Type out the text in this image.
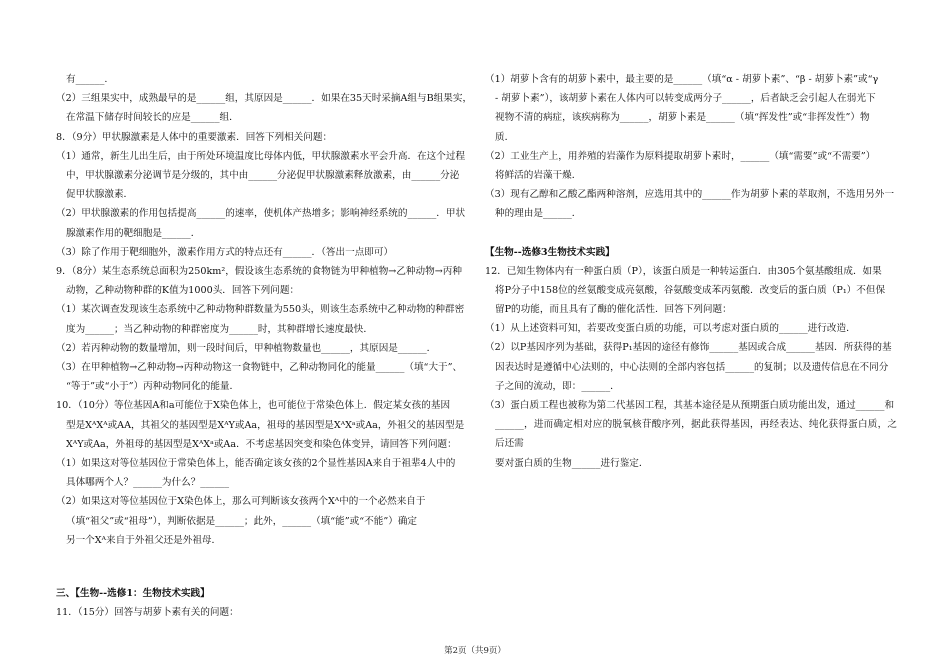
有______.

（2）三组果实中，成熟最早的是______组，其原因是______．如果在35天时采摘A组与B组果实，

在常温下储存时间较长的应是______组．

8．（9分）甲状腺激素是人体中的重要激素．回答下列相关问题：

（1）通常，新生儿出生后，由于所处环境温度比母体内低，甲状腺激素水平会升高．在这个过程

中，甲状腺激素分泌调节是分级的，其中由______分泌促甲状腺激素释放激素，由______分泌

促甲状腺激素．

（2）甲状腺激素的作用包括提高______的速率，使机体产热增多；影响神经系统的______．甲状

腺激素作用的靶细胞是______．

（3）除了作用于靶细胞外，激素作用方式的特点还有______．（答出一点即可）

9．（8分）某生态系统总面积为250km²，假设该生态系统的食物链为甲种植物→乙种动物→丙种

动物，乙种动物种群的K值为1000头．回答下列问题：

（1）某次调查发现该生态系统中乙种动物种群数量为550头，则该生态系统中乙种动物的种群密

度为______；当乙种动物的种群密度为______时，其种群增长速度最快．

（2）若丙种动物的数量增加，则一段时间后，甲种植物数量也______，其原因是______．

（3）在甲种植物→乙种动物→丙种动物这一食物链中，乙种动物同化的能量______（填“大于”、

“等于”或“小于”）丙种动物同化的能量．

10．（10分）等位基因A和a可能位于X染色体上，也可能位于常染色体上．假定某女孩的基因

型是XᴬXᴬ或AA，其祖父的基因型是XᴬY或Aa，祖母的基因型是XᴬXᵃ或Aa，外祖父的基因型是

XᴬY或Aa，外祖母的基因型是XᴬXᵃ或Aa．不考虑基因突变和染色体变异，请回答下列问题：

（1）如果这对等位基因位于常染色体上，能否确定该女孩的2个显性基因A来自于祖辈4人中的

具体哪两个人？______为什么？______

（2）如果这对等位基因位于X染色体上，那么可判断该女孩两个Xᴬ中的一个必然来自于

（填“祖父”或“祖母”），判断依据是______；此外，______（填“能”或“不能”）确定

另一个Xᴬ来自于外祖父还是外祖母．

三、【生物--选修1：生物技术实践】

11．（15分）回答与胡萝卜素有关的问题：

（1）胡萝卜含有的胡萝卜素中，最主要的是______（填“α - 胡萝卜素”、“β - 胡萝卜素”或“γ

- 胡萝卜素”），该胡萝卜素在人体内可以转变成两分子______，后者缺乏会引起人在弱光下

视物不清的病症，该疾病称为______，胡萝卜素是______（填“挥发性”或“非挥发性”）物

质．

（2）工业生产上，用养殖的岩藻作为原料提取胡萝卜素时，______（填“需要”或“不需要”）

将鲜活的岩藻干燥．

（3）现有乙醇和乙酸乙酯两种溶剂，应选用其中的______作为胡萝卜素的萃取剂，不选用另外一

种的理由是______．

【生物--选修3生物技术实践】

12．已知生物体内有一种蛋白质（P），该蛋白质是一种转运蛋白．由305个氨基酸组成．如果

将P分子中158位的丝氨酸变成亮氨酸，谷氨酸变成苯丙氨酸．改变后的蛋白质（P₁）不但保

留P的功能，而且具有了酶的催化活性．回答下列问题：

（1）从上述资料可知，若要改变蛋白质的功能，可以考虑对蛋白质的______进行改造．

（2）以P基因序列为基础，获得P₁基因的途径有修饰______基因或合成______基因．所获得的基

因表达时是遵循中心法则的，中心法则的全部内容包括______的复制；以及遗传信息在不同分

子之间的流动，即：______．

（3）蛋白质工程也被称为第二代基因工程，其基本途径是从预期蛋白质功能出发，通过______和

______，进而确定相对应的脱氧核苷酸序列，据此获得基因，再经表达、纯化获得蛋白质，之后还需

要对蛋白质的生物______进行鉴定．

第2页（共9页）
